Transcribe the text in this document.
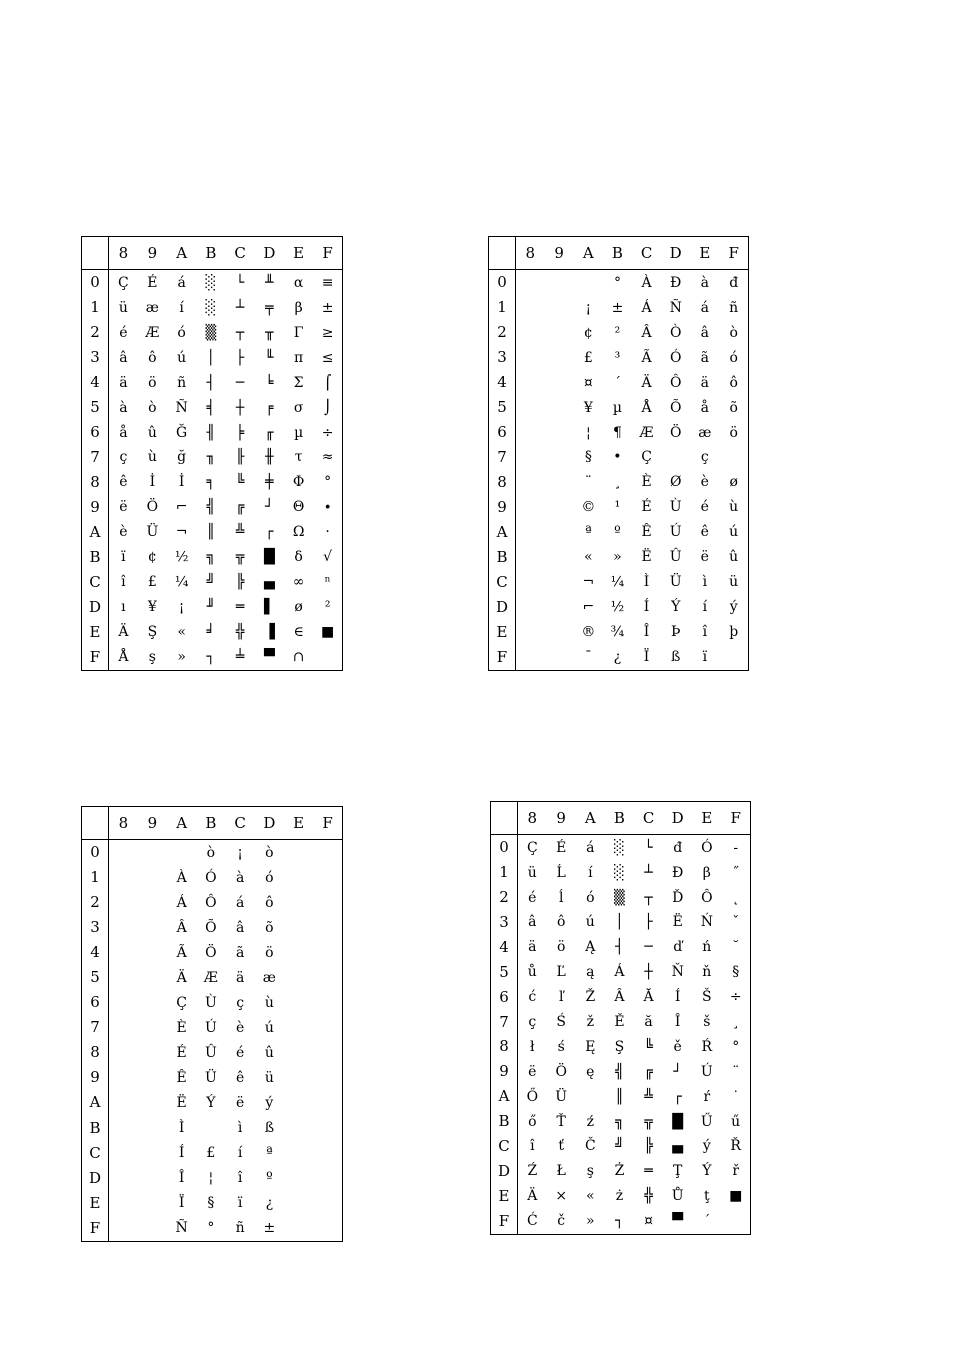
	8	9	A	B	C	D	E	F
0	Ç	É	á	░	└	╨	α	≡
1	ü	æ	í	░	┴	╤	β	±
2	é	Æ	ó	▒	┬	╥	Γ	≥
3	â	ô	ú	│	├	╙	π	≤
4	ä	ö	ñ	┤	─	╘	Σ	⌠
5	à	ò	Ñ	╡	┼	╒	σ	⌡
6	å	û	Ğ	╢	╞	╓	µ	÷
7	ç	ù	ğ	╖	╟	╫	τ	≈
8	ê	İ	İ	╕	╚	╪	Φ	°
9	ë	Ö	⌐	╣	╔	┘	Θ	∙
A	è	Ü	¬	║	╩	┌	Ω	·
B	ï	¢	½	╗	╦	█	δ	√
C	î	£	¼	╝	╠	▄	∞	ⁿ
D	ı	¥	¡	╜	═	▌	ø	²
E	Ä	Ş	«	╛	╬	▐	∈	■
F	Å	ş	»	┐	╧	▀	∩	
	8	9	A	B	C	D	E	F
0				°	À	Ð	à	đ
1			¡	±	Á	Ñ	á	ñ
2			¢	²	Â	Ò	â	ò
3			£	³	Ã	Ó	ã	ó
4			¤	´	Ä	Ô	ä	ô
5			¥	µ	Å	Õ	å	õ
6			¦	¶	Æ	Ö	æ	ö
7			§	•	Ç		ç	
8			¨	¸	È	Ø	è	ø
9			©	¹	É	Ù	é	ù
A			ª	º	Ê	Ú	ê	ú
B			«	»	Ë	Û	ë	û
C			¬	¼	Ì	Ü	ì	ü
D			⌐	½	Í	Ý	í	ý
E			®	¾	Î	Þ	î	þ
F			¯	¿	Ï	ß	ï	
	8	9	A	B	C	D	E	F
0				ò	¡	ò		
1			À	Ó	à	ó		
2			Á	Ô	á	ô		
3			Â	Õ	â	õ		
4			Ã	Ö	ã	ö		
5			Ä	Æ	ä	æ		
6			Ç	Ù	ç	ù		
7			È	Ú	è	ú		
8			É	Û	é	û		
9			Ê	Ü	ê	ü		
A			Ë	Ý	ë	ý		
B			Ì		ì	ß		
C			Í	£	í	ª		
D			Î	¦	î	º		
E			Ï	§	ï	¿		
F			Ñ	°	ñ	±		
	8	9	A	B	C	D	E	F
0	Ç	É	á	░	└	đ	Ó	-
1	ü	Ĺ	í	░	┴	Đ	β	˝
2	é	ĺ	ó	▒	┬	Ď	Ô	˛
3	â	ô	ú	│	├	Ë	Ń	ˇ
4	ä	ö	Ą	┤	─	ď	ń	˘
5	ů	Ľ	ą	Á	┼	Ň	ň	§
6	ć	ľ	Ž	Â	Ă	Í	Š	÷
7	ç	Ś	ž	Ě	ă	Î	š	¸
8	ł	ś	Ę	Ş	╚	ě	Ŕ	°
9	ë	Ö	ę	╣	╔	┘	Ú	¨
A	Ő	Ü		║	╩	┌	ŕ	˙
B	ő	Ť	ź	╗	╦	█	Ű	ű
C	î	ť	Č	╝	╠	▄	ý	Ř
D	Ź	Ł	ş	Ż	═	Ţ	Ý	ř
E	Ä	×	«	ż	╬	Ů	ţ	■
F	Ć	č	»	┐	¤	▀	´	
